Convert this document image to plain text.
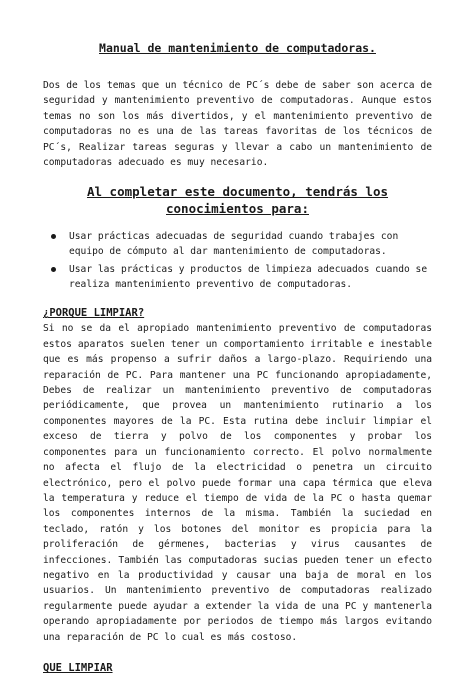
Manual de mantenimiento de computadoras.

Dos de los temas que un técnico de PC´s debe de saber son acerca de seguridad y mantenimiento preventivo de computadoras. Aunque estos temas no son los más divertidos, y el mantenimiento preventivo de computadoras no es una de las tareas favoritas de los técnicos de PC´s, Realizar tareas seguras y llevar a cabo un mantenimiento de computadoras adecuado es muy necesario.

Al completar este documento, tendrás los conocimientos para:
Usar prácticas adecuadas de seguridad cuando trabajes con equipo de cómputo al dar mantenimiento de computadoras.
Usar las prácticas y productos de limpieza adecuados cuando se realiza mantenimiento preventivo de computadoras.
¿PORQUE LIMPIAR?

Si no se da el apropiado mantenimiento preventivo de computadoras estos aparatos suelen tener un comportamiento irritable e inestable que es más propenso a sufrir daños a largo-plazo. Requiriendo una reparación de PC. Para mantener una PC funcionando apropiadamente, Debes de realizar un mantenimiento preventivo de computadoras periódicamente, que provea un mantenimiento rutinario a los componentes mayores de la PC. Esta rutina debe incluir limpiar el exceso de tierra y polvo de los componentes y probar los componentes para un funcionamiento correcto. El polvo normalmente no afecta el flujo de la electricidad o penetra un circuito electrónico, pero el polvo puede formar una capa térmica que eleva la temperatura y reduce el tiempo de vida de la PC o hasta quemar los componentes internos de la misma. También la suciedad en teclado, ratón y los botones del monitor es propicia para la proliferación de gérmenes, bacterias y virus causantes de infecciones. También las computadoras sucias pueden tener un efecto negativo en la productividad y causar una baja de moral en los usuarios. Un mantenimiento preventivo de computadoras realizado regularmente puede ayudar a extender la vida de una PC y mantenerla operando apropiadamente por periodos de tiempo más largos evitando una reparación de PC lo cual es más costoso.

QUE LIMPIAR
